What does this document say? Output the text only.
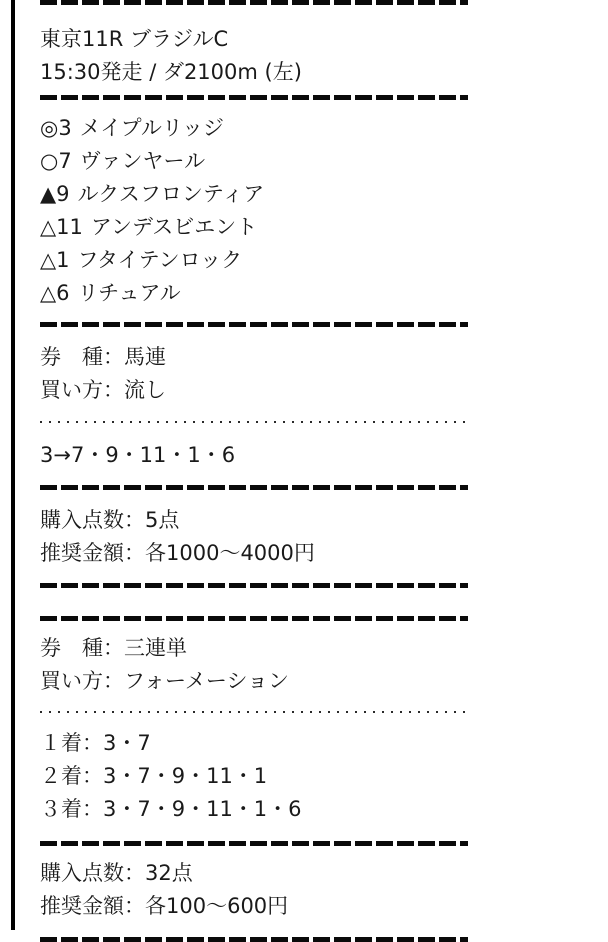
東京11R ブラジルC
15:30発走 / ダ2100m (左)
◎3 メイプルリッジ
○7 ヴァンヤール
▲9 ルクスフロンティア
△11 アンデスビエント
△1 フタイテンロック
△6 リチュアル
券　種：馬連
買い方：流し
3→7・9・11・1・6
購入点数：5点
推奨金額：各1000〜4000円
券　種：三連単
買い方：フォーメーション
１着：3・7
２着：3・7・9・11・1
３着：3・7・9・11・1・6
購入点数：32点
推奨金額：各100〜600円
